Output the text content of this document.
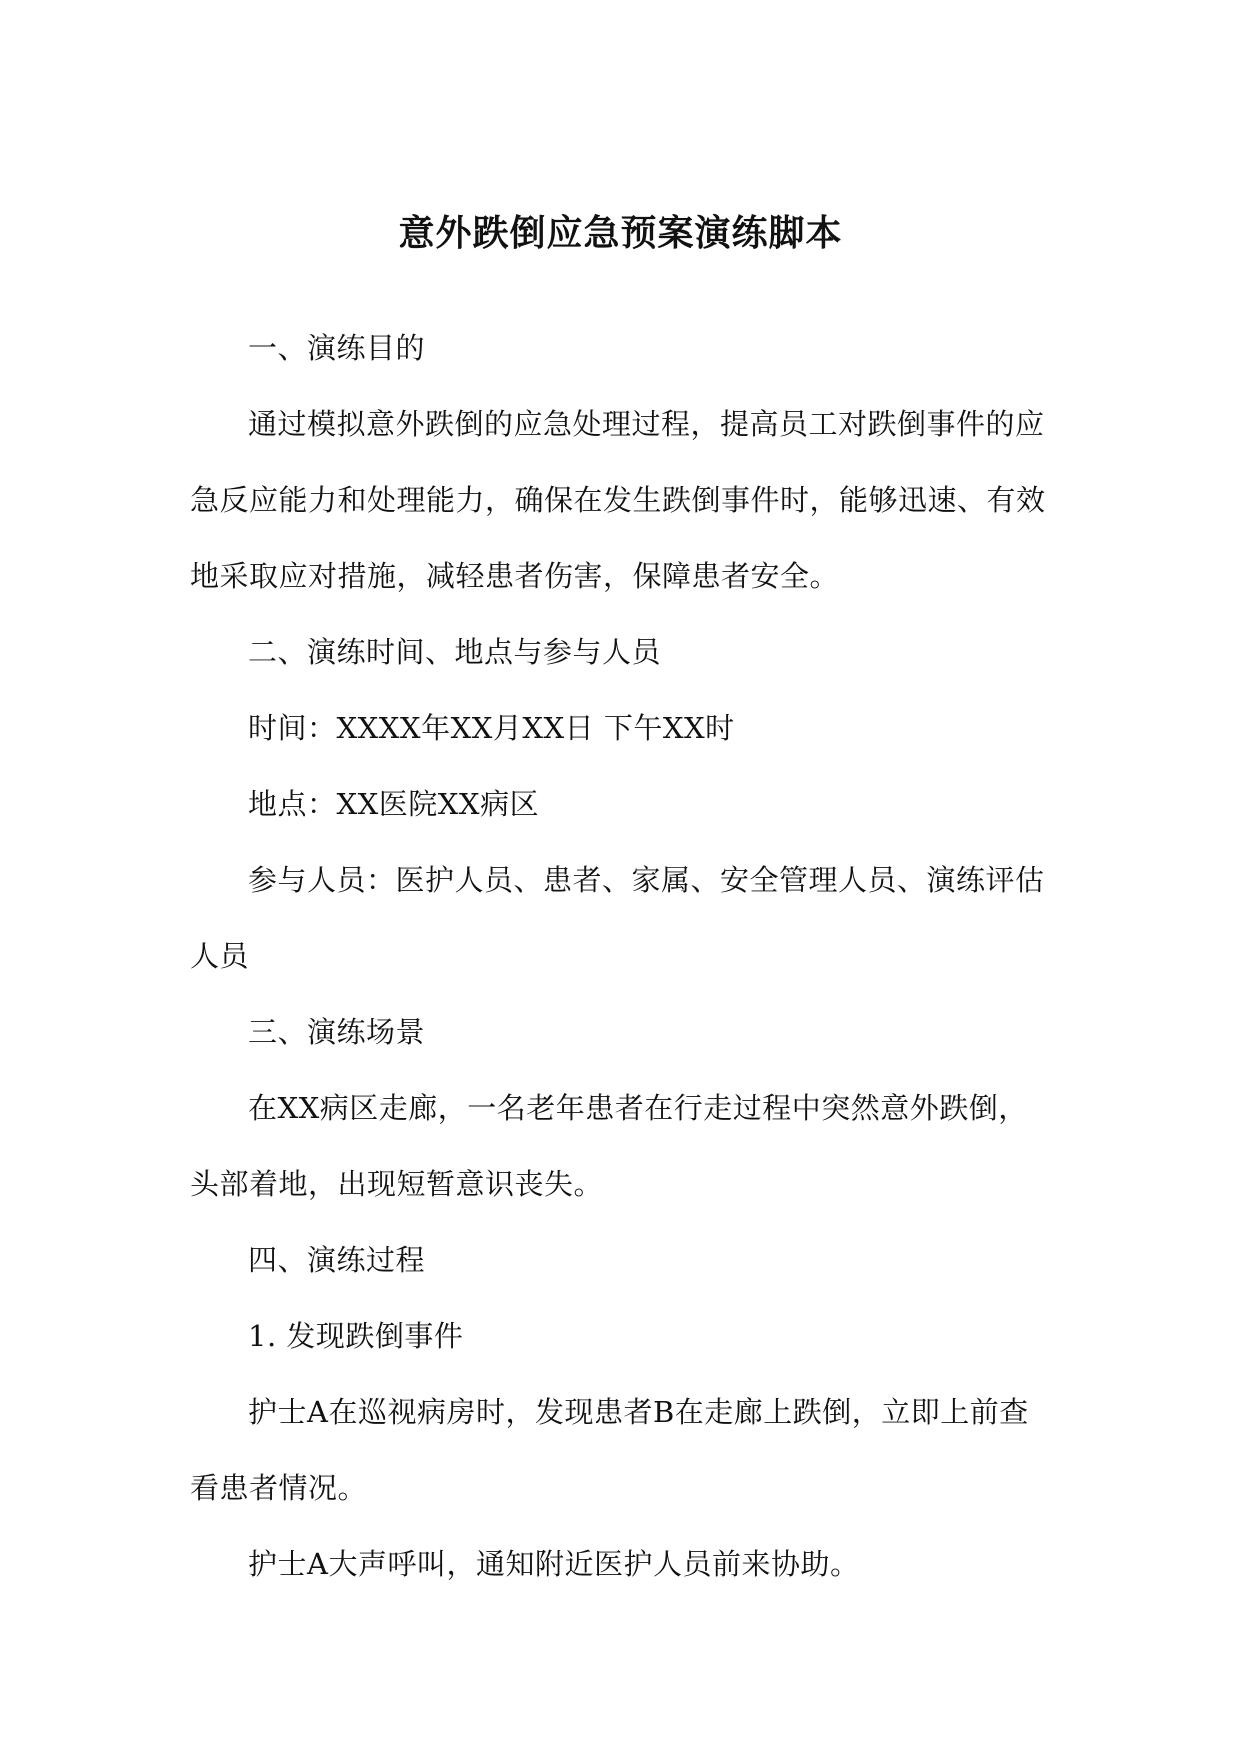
意外跌倒应急预案演练脚本

一、演练目的

通过模拟意外跌倒的应急处理过程，提高员工对跌倒事件的应急反应能力和处理能力，确保在发生跌倒事件时，能够迅速、有效地采取应对措施，减轻患者伤害，保障患者安全。

二、演练时间、地点与参与人员

时间：XXXX年XX月XX日 下午XX时

地点：XX医院XX病区

参与人员：医护人员、患者、家属、安全管理人员、演练评估人员

三、演练场景

在XX病区走廊，一名老年患者在行走过程中突然意外跌倒，头部着地，出现短暂意识丧失。

四、演练过程

1. 发现跌倒事件

护士A在巡视病房时，发现患者B在走廊上跌倒，立即上前查看患者情况。

护士A大声呼叫，通知附近医护人员前来协助。
